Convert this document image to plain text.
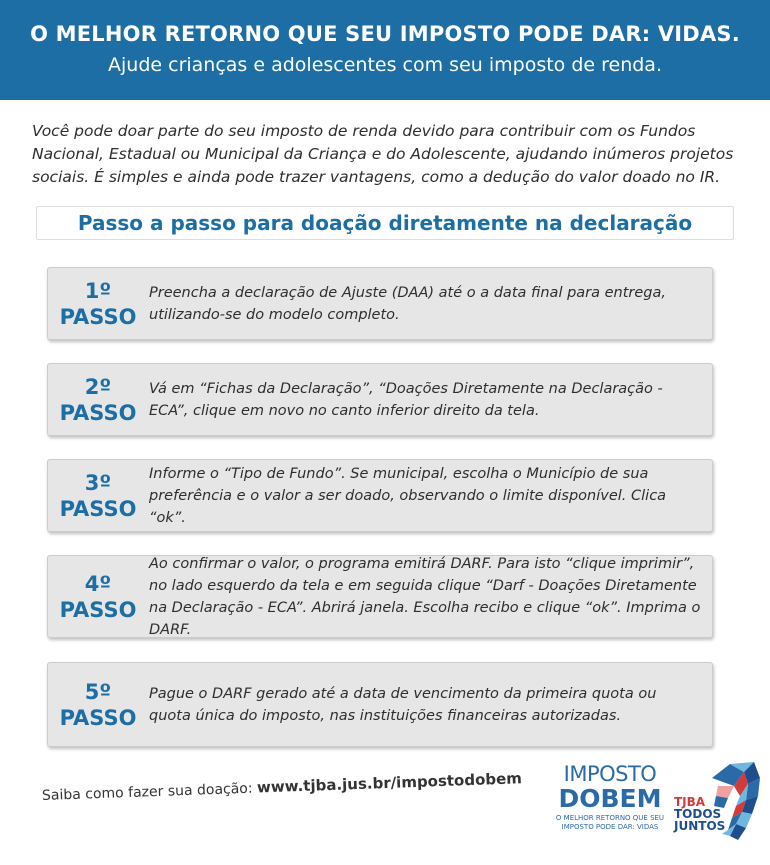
O MELHOR RETORNO QUE SEU IMPOSTO PODE DAR: VIDAS.
Ajude crianças e adolescentes com seu imposto de renda.
Você pode doar parte do seu imposto de renda devido para contribuir com os Fundos Nacional, Estadual ou Municipal da Criança e do Adolescente, ajudando inúmeros projetos sociais. É simples e ainda pode trazer vantagens, como a dedução do valor doado no IR.
Passo a passo para doação diretamente na declaração
1º
PASSO
Preencha a declaração de Ajuste (DAA) até o a data final para entrega, utilizando-se do modelo completo.
2º
PASSO
Vá em “Fichas da Declaração”, “Doações Diretamente na Declaração - ECA”, clique em novo no canto inferior direito da tela.
3º
PASSO
Informe o “Tipo de Fundo”. Se municipal, escolha o Município de sua preferência e o valor a ser doado, observando o limite disponível. Clica “ok”.
4º
PASSO
Ao confirmar o valor, o programa emitirá DARF. Para isto “clique imprimir”, no lado esquerdo da tela e em seguida clique “Darf - Doações Diretamente na Declaração - ECA”. Abrirá janela. Escolha recibo e clique “ok”. Imprima o DARF.
5º
PASSO
Pague o DARF gerado até a data de vencimento da primeira quota ou quota única do imposto, nas instituições financeiras autorizadas.
Saiba como fazer sua doação: www.tjba.jus.br/impostodobem	IMPOSTO
DOBEM
O MELHOR RETORNO QUE SEU IMPOSTO PODE DAR: VIDAS
TJBA
TODOS
JUNTOS
